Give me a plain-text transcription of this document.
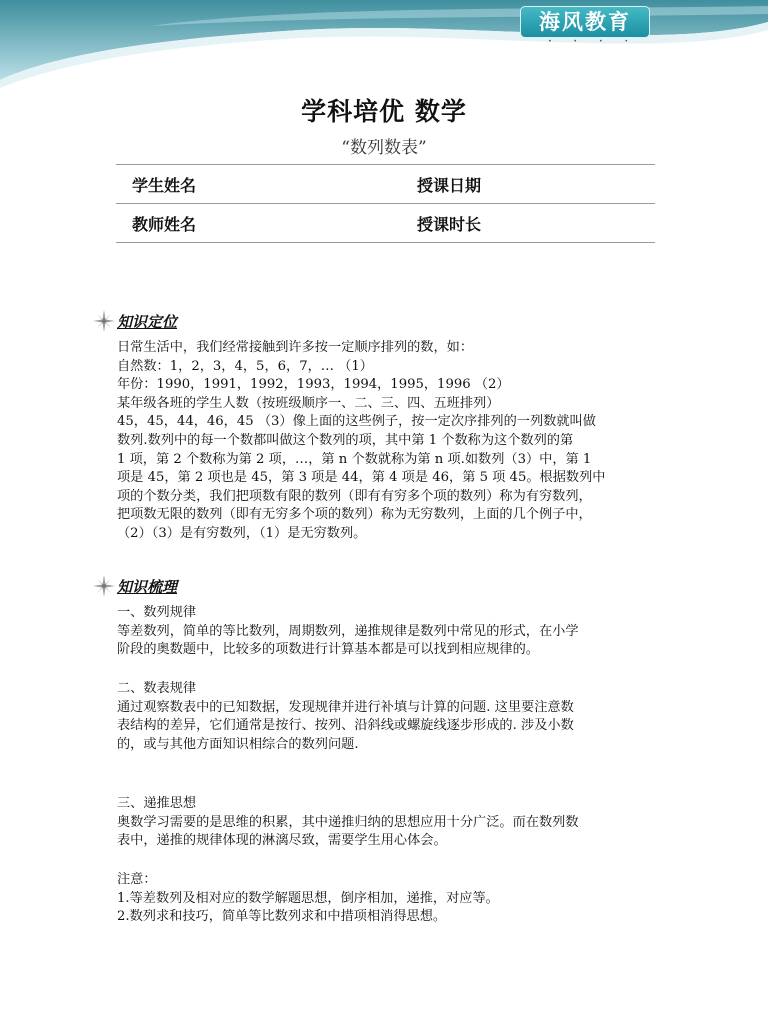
海风教育
• • • •
学科培优 数学
“数列数表”
学生姓名	授课日期
教师姓名	授课时长
知识定位
日常生活中，我们经常接触到许多按一定顺序排列的数，如：
自然数：1，2，3，4，5，6，7，… （1）
年份：1990，1991，1992，1993，1994，1995，1996 （2）
某年级各班的学生人数（按班级顺序一、二、三、四、五班排列）
45，45，44，46，45 （3）像上面的这些例子，按一定次序排列的一列数就叫做
数列.数列中的每一个数都叫做这个数列的项，其中第 1 个数称为这个数列的第
1 项，第 2 个数称为第 2 项，…，第 n 个数就称为第 n 项.如数列（3）中，第 1
项是 45，第 2 项也是 45，第 3 项是 44，第 4 项是 46，第 5 项 45。根据数列中
项的个数分类，我们把项数有限的数列（即有有穷多个项的数列）称为有穷数列，
把项数无限的数列（即有无穷多个项的数列）称为无穷数列，上面的几个例子中，
（2）（3）是有穷数列，（1）是无穷数列。
知识梳理
一、数列规律
等差数列，简单的等比数列，周期数列，递推规律是数列中常见的形式，在小学
阶段的奥数题中，比较多的项数进行计算基本都是可以找到相应规律的。
二、数表规律
通过观察数表中的已知数据，发现规律并进行补填与计算的问题. 这里要注意数
表结构的差异，它们通常是按行、按列、沿斜线或螺旋线逐步形成的. 涉及小数
的，或与其他方面知识相综合的数列问题.
三、递推思想
奥数学习需要的是思维的积累，其中递推归纳的思想应用十分广泛。而在数列数
表中，递推的规律体现的淋漓尽致，需要学生用心体会。
注意：
1.等差数列及相对应的数学解题思想，倒序相加，递推，对应等。
2.数列求和技巧，简单等比数列求和中措项相消得思想。
